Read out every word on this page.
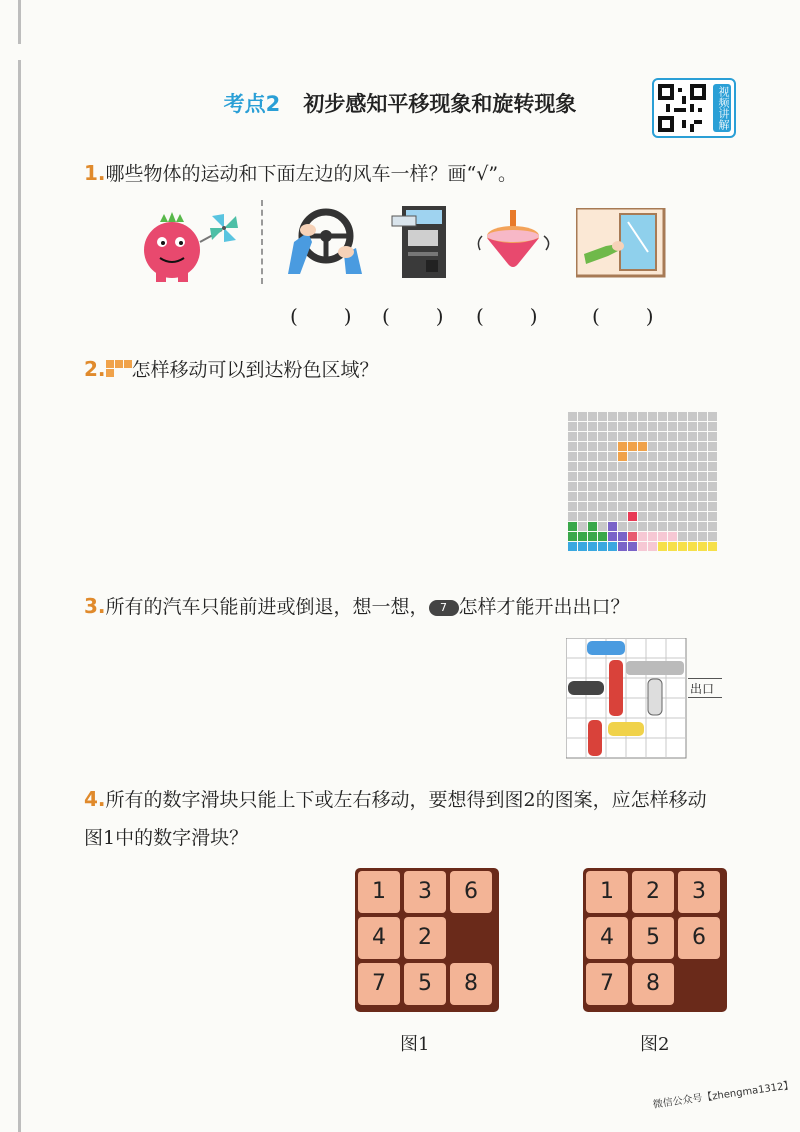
考点2 初步感知平移现象和旋转现象	视频讲解
1.哪些物体的运动和下面左边的风车一样？画“√”。
(　　) (　　) (　　)	(　　)
2. 怎样移动可以到达粉色区域？
3.所有的汽车只能前进或倒退，想一想， 7 怎样才能开出出口？
出口
4.所有的数字滑块只能上下或左右移动，要想得到图2的图案，应怎样移动图1中的数字滑块？
1	3	6
4	2
7	5	8
1	2	3
4	5	6
7	8
图1	图2
微信公众号【zhengma1312】
